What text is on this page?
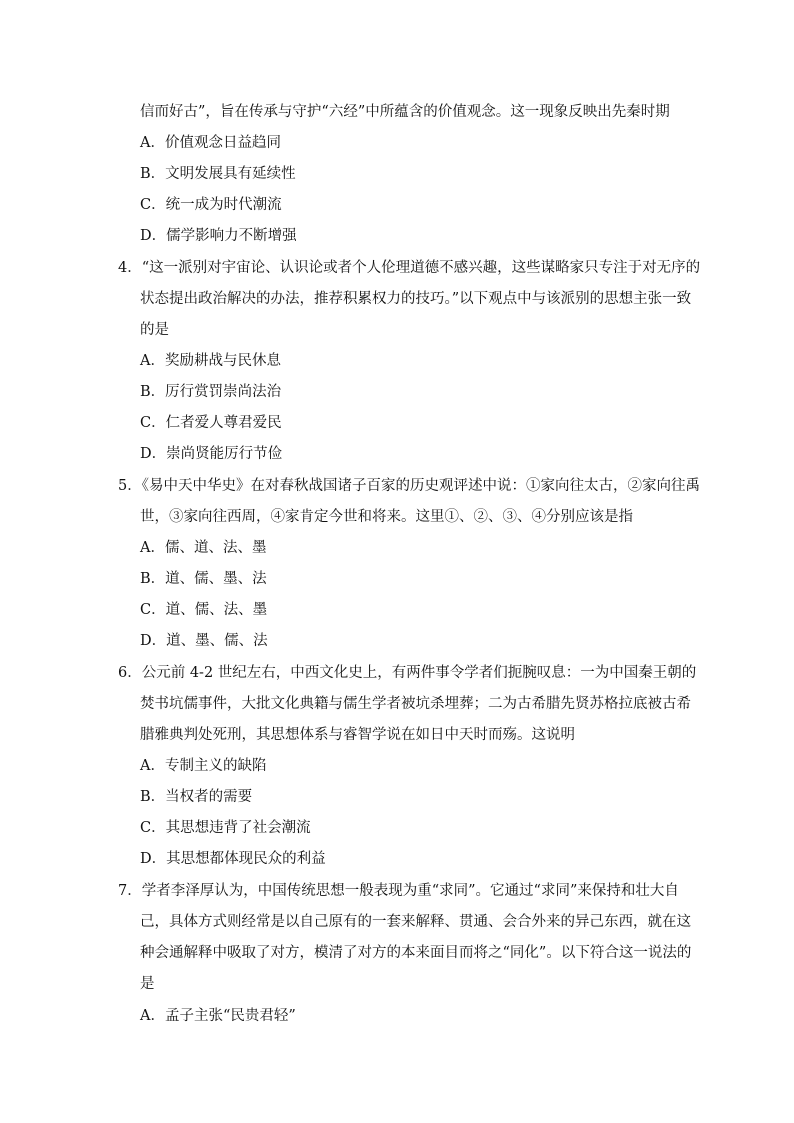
信而好古”，旨在传承与守护“六经”中所蕴含的价值观念。这一现象反映出先秦时期
A．价值观念日益趋同
B．文明发展具有延续性
C．统一成为时代潮流
D．儒学影响力不断增强
4．“这一派别对宇宙论、认识论或者个人伦理道德不感兴趣，这些谋略家只专注于对无序的
状态提出政治解决的办法，推荐积累权力的技巧。”以下观点中与该派别的思想主张一致
的是
A．奖励耕战与民休息
B．厉行赏罚崇尚法治
C．仁者爱人尊君爱民
D．崇尚贤能厉行节俭
5．《易中天中华史》在对春秋战国诸子百家的历史观评述中说：①家向往太古，②家向往禹
世，③家向往西周，④家肯定今世和将来。这里①、②、③、④分别应该是指
A．儒、道、法、墨
B．道、儒、墨、法
C．道、儒、法、墨
D．道、墨、儒、法
6．公元前 4-2 世纪左右，中西文化史上，有两件事令学者们扼腕叹息：一为中国秦王朝的
焚书坑儒事件，大批文化典籍与儒生学者被坑杀埋葬；二为古希腊先贤苏格拉底被古希
腊雅典判处死刑，其思想体系与睿智学说在如日中天时而殇。这说明
A．专制主义的缺陷
B．当权者的需要
C．其思想违背了社会潮流
D．其思想都体现民众的利益
7．学者李泽厚认为，中国传统思想一般表现为重“求同”。它通过“求同”来保持和壮大自
己，具体方式则经常是以自己原有的一套来解释、贯通、会合外来的异己东西，就在这
种会通解释中吸取了对方，模清了对方的本来面目而将之“同化”。以下符合这一说法的
是
A．孟子主张“民贵君轻”
